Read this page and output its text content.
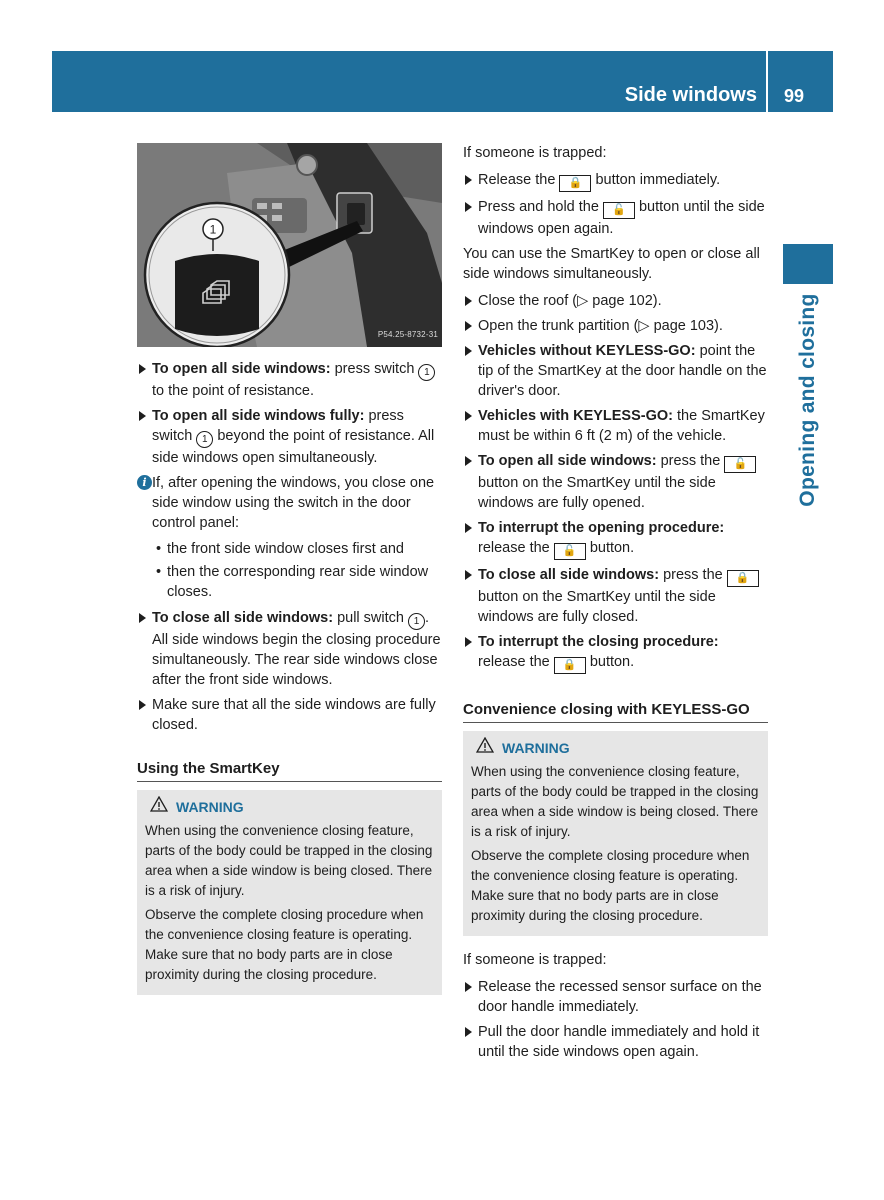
Side windows	99
Opening and closing
1
P54.25-8732-31
To open all side windows: press switch 1 to the point of resistance.
To open all side windows fully: press switch 1 beyond the point of resistance. All side windows open simultaneously.
i If, after opening the windows, you close one side window using the switch in the door control panel:
• the front side window closes first and
• then the corresponding rear side window closes.
To close all side windows: pull switch 1 .
All side windows begin the closing procedure simultaneously. The rear side windows close after the front side windows.
Make sure that all the side windows are fully closed.
Using the SmartKey
WARNING

When using the convenience closing feature, parts of the body could be trapped in the closing area when a side window is being closed. There is a risk of injury.

Observe the complete closing procedure when the convenience closing feature is operating. Make sure that no body parts are in close proximity during the closing procedure.

If someone is trapped:

Release the 🔒 button immediately.
Press and hold the 🔓 button until the side windows open again.

You can use the SmartKey to open or close all side windows simultaneously.

Close the roof (▷ page 102).
Open the trunk partition (▷ page 103).
Vehicles without KEYLESS-GO: point the tip of the SmartKey at the door handle on the driver's door.
Vehicles with KEYLESS-GO: the SmartKey must be within 6 ft (2 m) of the vehicle.
To open all side windows: press the 🔓 button on the SmartKey until the side windows are fully opened.
To interrupt the opening procedure: release the 🔓 button.
To close all side windows: press the 🔒 button on the SmartKey until the side windows are fully closed.
To interrupt the closing procedure: release the 🔒 button.
Convenience closing with KEYLESS-GO
WARNING

When using the convenience closing feature, parts of the body could be trapped in the closing area when a side window is being closed. There is a risk of injury.

Observe the complete closing procedure when the convenience closing feature is operating. Make sure that no body parts are in close proximity during the closing procedure.

If someone is trapped:

Release the recessed sensor surface on the door handle immediately.
Pull the door handle immediately and hold it until the side windows open again.
